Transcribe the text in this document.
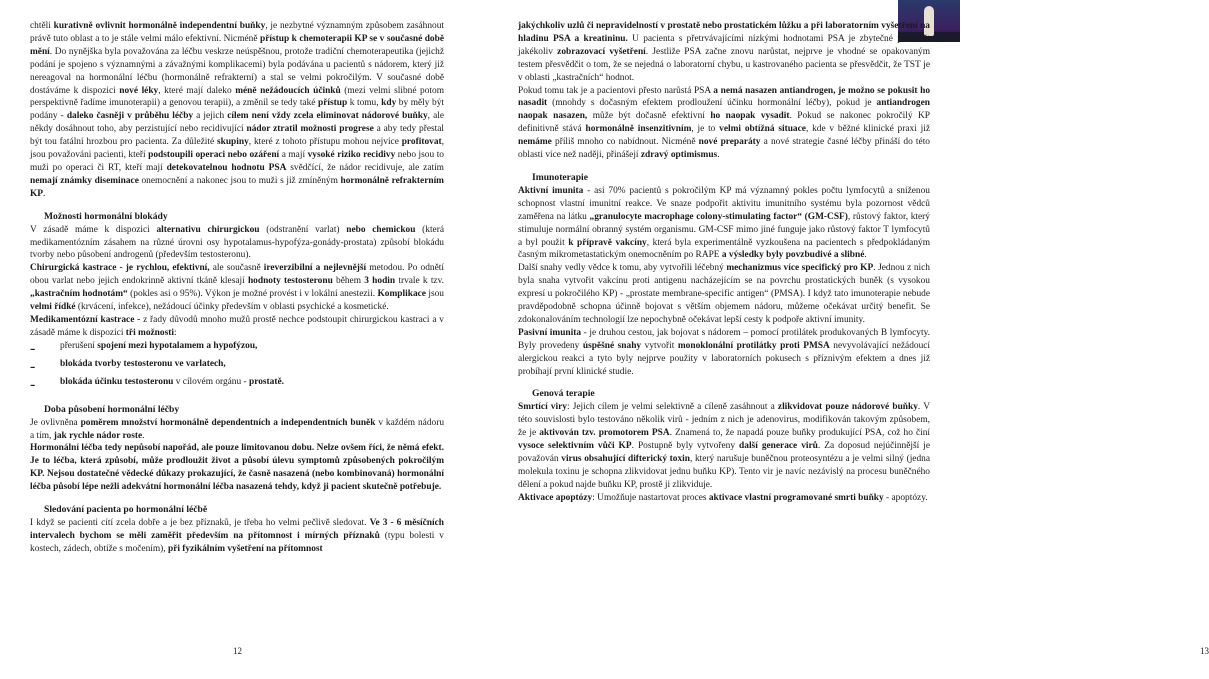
chtěli kurativně ovlivnit hormonálně independentní buňky, je nezbytné významným způsobem zasáhnout právě tuto oblast a to je stále velmi málo efektivní. Nicméně přístup k chemoterapii KP se v současné době mění. Do nynějška byla považována za léčbu veskrze neúspěšnou, protože tradiční chemoterapeutika (jejichž podání je spojeno s významnými a závažnými komplikacemi) byla podávána u pacientů s nádorem, který již nereagoval na hormonální léčbu (hormonálně refrakterní) a stal se velmi pokročilým. V současné době dostáváme k dispozici nové léky, které mají daleko méně nežádoucích účinků (mezi velmi slibné potom perspektivně řadíme imunoterapii) a genovou terapii), a změnil se tedy také přístup k tomu, kdy by měly být podány - daleko časněji v průběhu léčby a jejich cílem není vždy zcela eliminovat nádorové buňky, ale někdy dosáhnout toho, aby perzistující nebo recidivující nádor ztratil možnosti progrese a aby tedy přestal být tou fatální hrozbou pro pacienta. Za důležité skupiny, které z tohoto přístupu mohou nejvíce profitovat, jsou považováni pacienti, kteří podstoupili operaci nebo ozáření a mají vysoké riziko recidivy nebo jsou to muži po operaci či RT, kteří mají detekovatelnou hodnotu PSA svědčící, že nádor recidivuje, ale zatím nemají známky diseminace onemocnění a nakonec jsou to muži s již zmíněným hormonálně refrakterním KP.

Možnosti hormonální blokády

V zásadě máme k dispozici alternativu chirurgickou (odstranění varlat) nebo chemickou (která medikamentózním zásahem na různé úrovni osy hypotalamus-hypofýza-gonády-prostata) způsobí blokádu tvorby nebo působení androgenů (především testosteronu).

Chirurgická kastrace - je rychlou, efektivní, ale současně ireverzibilní a nejlevnější metodou. Po odnětí obou varlat nebo jejich endokrinně aktivní tkáně klesají hodnoty testosteronu během 3 hodin trvale k tzv. „kastračním hodnotám“ (pokles asi o 95%). Výkon je možné provést i v lokální anestezii. Komplikace jsou velmi řídké (krvácení, infekce), nežádoucí účinky především v oblasti psychické a kosmetické.

Medikamentózní kastrace - z řady důvodů mnoho mužů prostě nechce podstoupit chirurgickou kastraci a v zásadě máme k dispozici tři možnosti:

-	přerušení spojení mezi hypotalamem a hypofýzou,

-	blokáda tvorby testosteronu ve varlatech,

-	blokáda účinku testosteronu v cílovém orgánu - prostatě.

Doba působení hormonální léčby

Je ovlivněna poměrem množství hormonálně dependentních a independentních buněk v každém nádoru a tím, jak rychle nádor roste.

Hormonální léčba tedy nepůsobí napořád, ale pouze limitovanou dobu. Nelze ovšem říci, že němá efekt. Je to léčba, která způsobí, může prodloužit život a působí úlevu symptomů způsobených pokročilým KP. Nejsou dostatečné vědecké důkazy prokazující, že časně nasazená (nebo kombinovaná) hormonální léčba působí lépe nežli adekvátní hormonální léčba nasazená tehdy, když ji pacient skutečně potřebuje.

Sledování pacienta po hormonální léčbě

I když se pacienti cítí zcela dobře a je bez příznaků, je třeba ho velmi pečlivě sledovat. Ve 3 - 6 měsíčních intervalech bychom se měli zaměřit především na přítomnost i mírných příznaků (typu bolesti v kostech, zádech, obtíže s močením), při fyzikálním vyšetření na přítomnost

12

jakýchkoliv uzlů či nepravidelností v prostatě nebo prostatickém lůžku a při laboratorním vyšetření na hladinu PSA a kreatininu. U pacienta s přetrvávajícími nízkými hodnotami PSA je zbytečné provádět jakékoliv zobrazovací vyšetření. Jestliže PSA začne znovu narůstat, nejprve je vhodné se opakovaným testem přesvědčit o tom, že se nejedná o laboratorní chybu, u kastrovaného pacienta se přesvědčit, že TST je v oblasti „kastračních“ hodnot.

Pokud tomu tak je a pacientovi přesto narůstá PSA a nemá nasazen antiandrogen, je možno se pokusit ho nasadit (mnohdy s dočasným efektem prodloužení účinku hormonální léčby), pokud je antiandrogen naopak nasazen, může být dočasně efektivní ho naopak vysadit. Pokud se nakonec pokročilý KP definitivně stává hormonálně insenzitivním, je to velmi obtížná situace, kde v běžné klinické praxi již nemáme příliš mnoho co nabídnout. Nicméně nové preparáty a nové strategie časné léčby přináší do této oblasti více než naději, přinášejí zdravý optimismus.

Imunoterapie

Aktivní imunita - asi 70% pacientů s pokročilým KP má významný pokles počtu lymfocytů a sníženou schopnost vlastní imunitní reakce. Ve snaze podpořit aktivitu imunitního systému byla pozornost vědců zaměřena na látku „granulocyte macrophage colony-stimulating factor“ (GM-CSF), růstový faktor, který stimuluje normální obranný systém organismu. GM-CSF mimo jiné funguje jako růstový faktor T lymfocytů a byl použit k přípravě vakcíny, která byla experimentálně vyzkoušena na pacientech s předpokládaným časným mikrometastatickým onemocněním po RAPE a výsledky byly povzbudivé a slibné.

Další snahy vedly vědce k tomu, aby vytvořili léčebný mechanizmus více specifický pro KP. Jednou z nich byla snaha vytvořit vakcínu proti antigenu nacházejícím se na povrchu prostatických buněk (s vysokou expresí u pokročilého KP) - „prostate membrane-specific antigen“ (PMSA). I když tato imunoterapie nebude pravděpodobně schopna účinně bojovat s větším objemem nádoru, můžeme očekávat určitý benefit. Se zdokonalováním technologií lze nepochybně očekávat lepší cesty k podpoře aktivní imunity.

Pasivní imunita - je druhou cestou, jak bojovat s nádorem – pomocí protilátek produkovaných B lymfocyty. Byly provedeny úspěšné snahy vytvořit monoklonální protilátky proti PMSA nevyvolávající nežádoucí alergickou reakci a tyto byly nejprve použity v laboratorních pokusech s příznivým efektem a dnes již probíhají první klinické studie.

Genová terapie

Smrtící viry: Jejich cílem je velmi selektivně a cíleně zasáhnout a zlikvidovat pouze nádorové buňky. V této souvislosti bylo testováno několik virů - jedním z nich je adenovirus, modifikován takovým způsobem, že je aktivován tzv. promotorem PSA. Znamená to, že napadá pouze buňky produkující PSA, což ho činí vysoce selektivním vůči KP. Postupně byly vytvořeny další generace virů. Za doposud nejúčinnější je považován virus obsahující difterický toxin, který narušuje buněčnou proteosyntézu a je velmi silný (jedna molekula toxinu je schopna zlikvidovat jednu buňku KP). Tento vir je navíc nezávislý na procesu buněčného dělení a pokud najde buňku KP, prostě ji zlikviduje.

Aktivace apoptózy: Umožňuje nastartovat proces aktivace vlastní programované smrti buňky - apoptózy.

13
